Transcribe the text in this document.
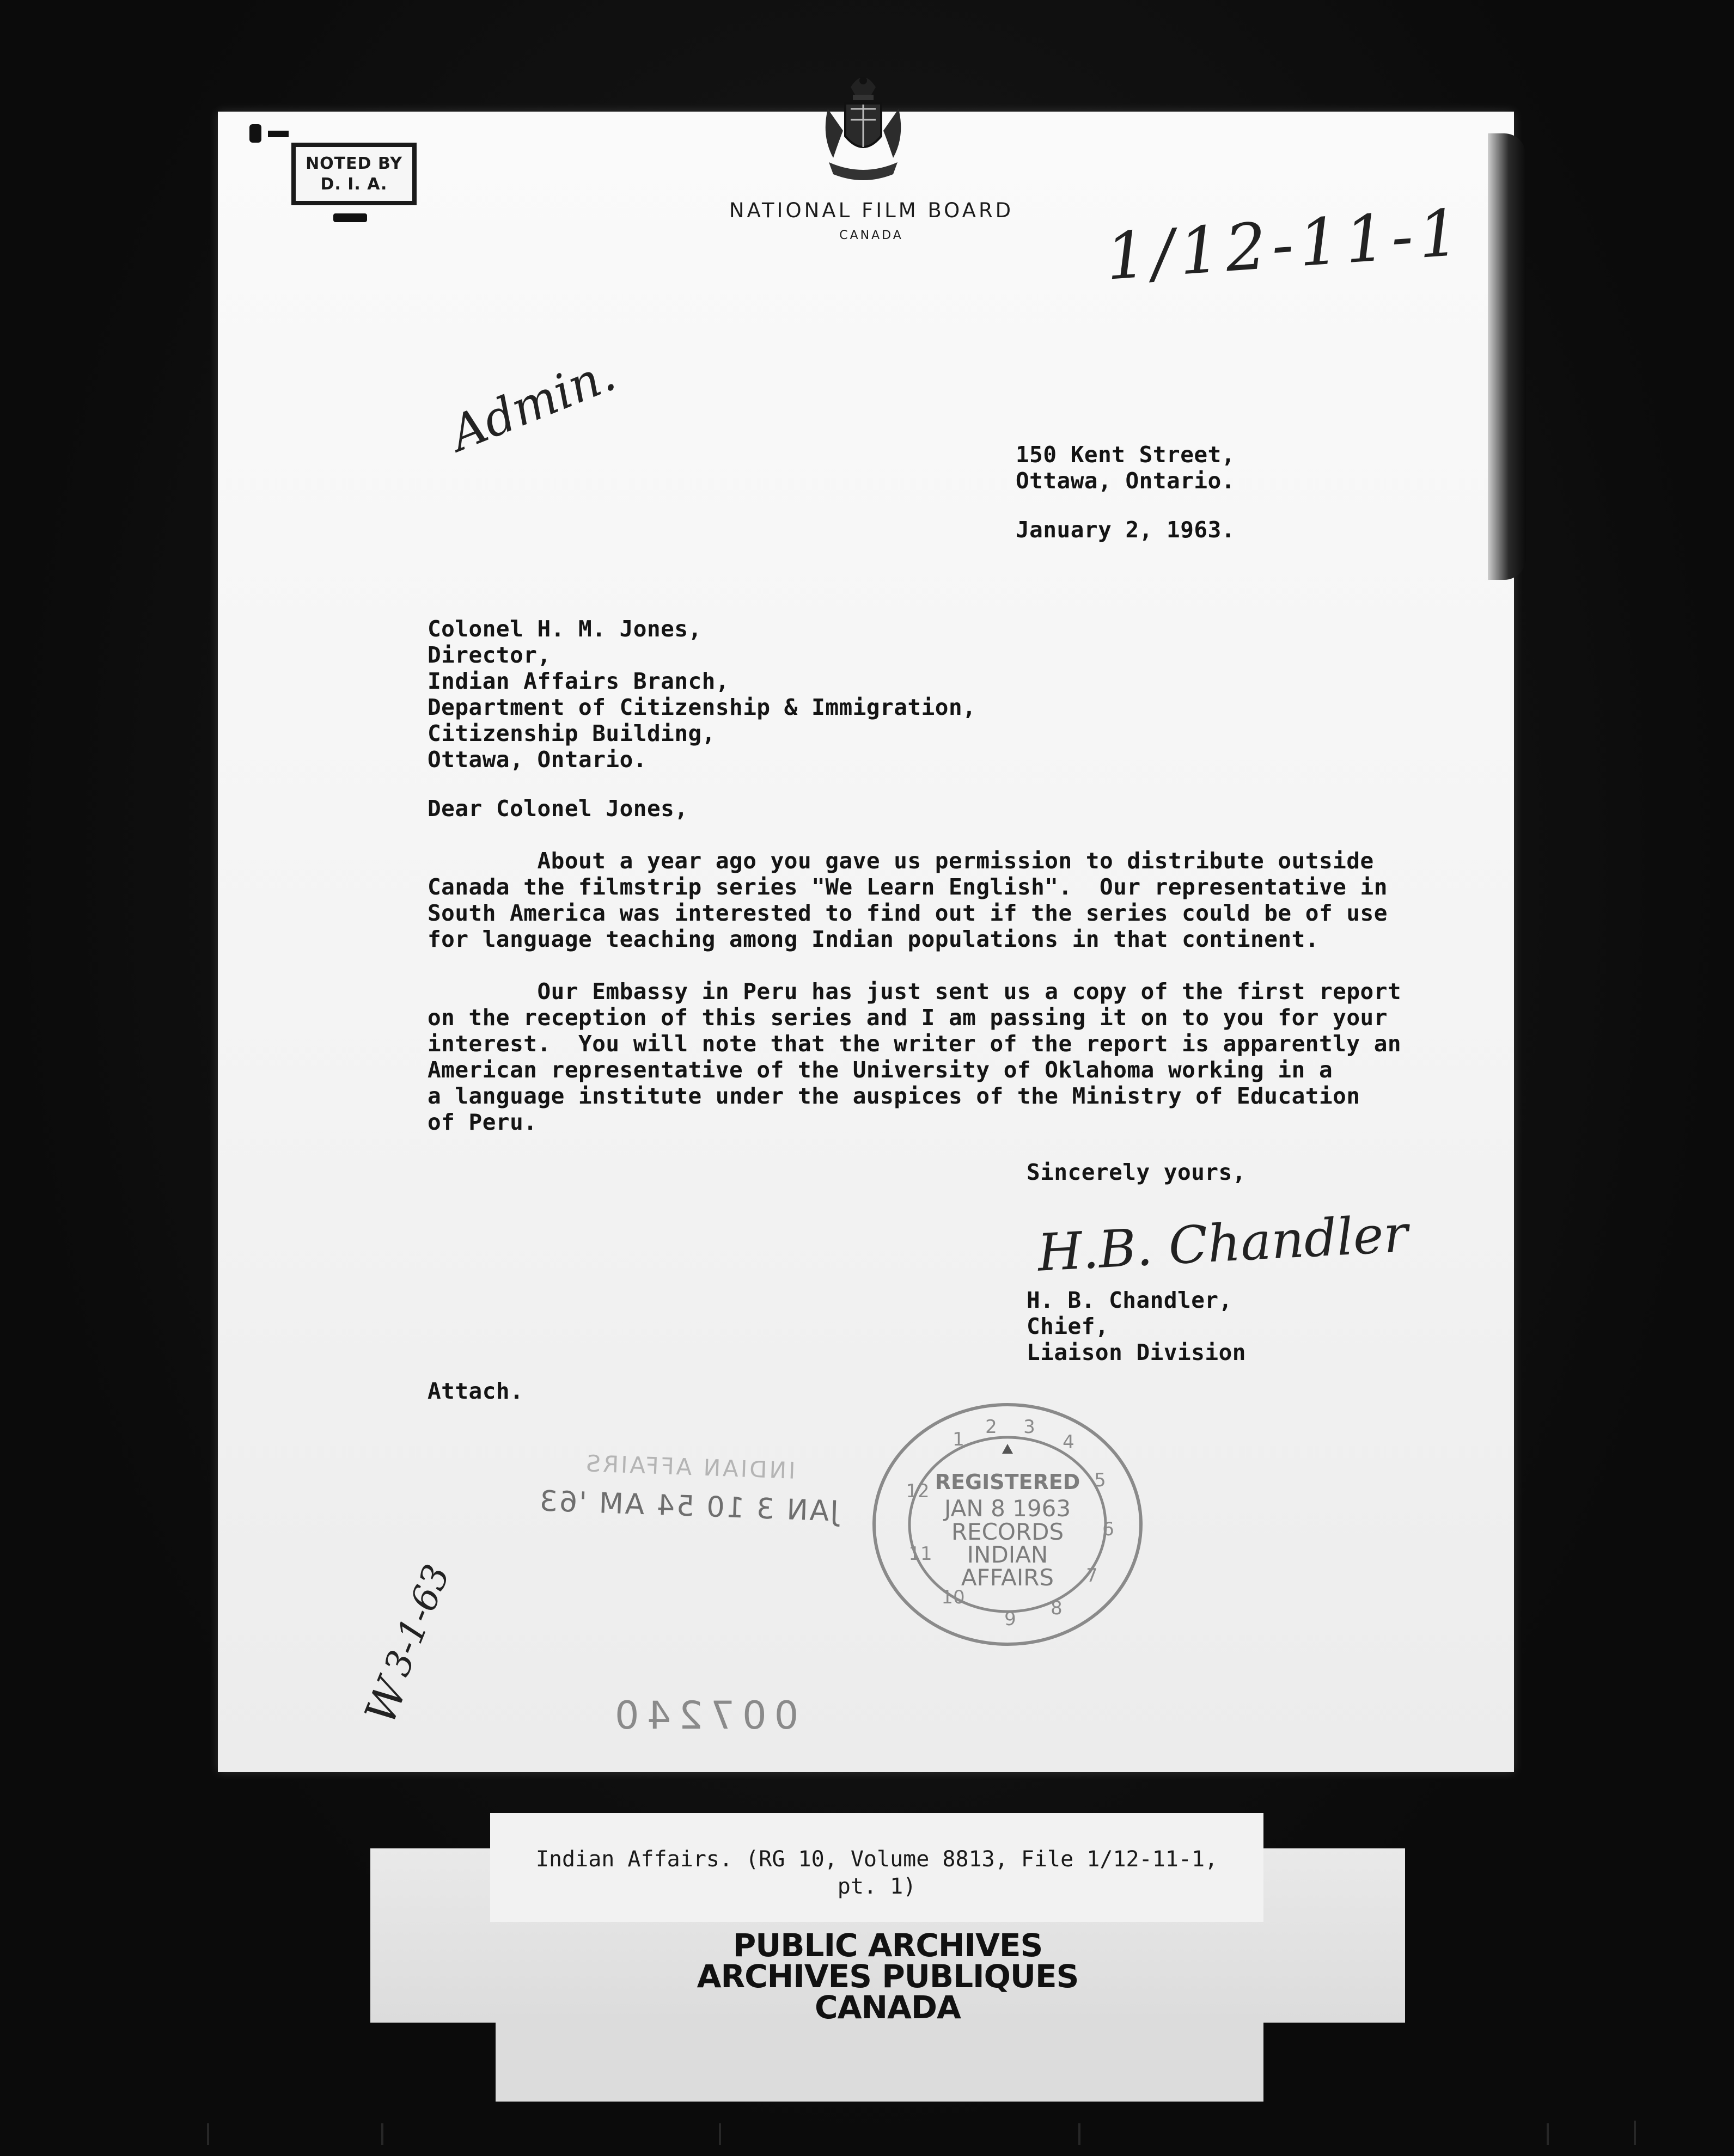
NOTED BY
D. I. A.
NATIONAL FILM BOARD
CANADA	1/12-11-1
Admin.	150 Kent Street,
Ottawa, Ontario.
January 2, 1963.
Colonel H. M. Jones,
Director,
Indian Affairs Branch,
Department of Citizenship & Immigration,
Citizenship Building,
Ottawa, Ontario.
Dear Colonel Jones,
About a year ago you gave us permission to distribute outside
Canada the filmstrip series "We Learn English".  Our representative in
South America was interested to find out if the series could be of use
for language teaching among Indian populations in that continent.
Our Embassy in Peru has just sent us a copy of the first report
on the reception of this series and I am passing it on to you for your
interest.  You will note that the writer of the report is apparently an
American representative of the University of Oklahoma working in a
a language institute under the auspices of the Ministry of Education
of Peru.
Sincerely yours,
H.B. Chandler
H. B. Chandler,
Chief,
Liaison Division
Attach.
INDIAN AFFAIRS
JAN 3 10 54 AM '63
1
2 3
4
5
6
7
8
9
10
11
12 REGISTERED
JAN 8 1963
RECORDS
INDIAN
AFFAIRS
W
3-1-63
007240
Indian Affairs. (RG 10, Volume 8813, File 1/12-11-1,
pt. 1)
PUBLIC ARCHIVES
ARCHIVES PUBLIQUES
CANADA
